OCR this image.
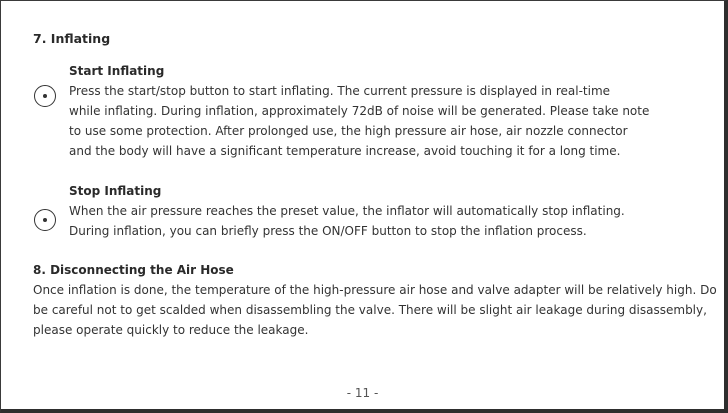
7. Inflating
Start Inflating
Press the start/stop button to start inflating. The current pressure is displayed in real-time
while inflating. During inflation, approximately 72dB of noise will be generated. Please take note
to use some protection. After prolonged use, the high pressure air hose, air nozzle connector
and the body will have a significant temperature increase, avoid touching it for a long time.
Stop Inflating
When the air pressure reaches the preset value, the inflator will automatically stop inflating.
During inflation, you can briefly press the ON/OFF button to stop the inflation process.
8. Disconnecting the Air Hose
Once inflation is done, the temperature of the high-pressure air hose and valve adapter will be relatively high. Do
be careful not to get scalded when disassembling the valve. There will be slight air leakage during disassembly,
please operate quickly to reduce the leakage.
- 11 -
